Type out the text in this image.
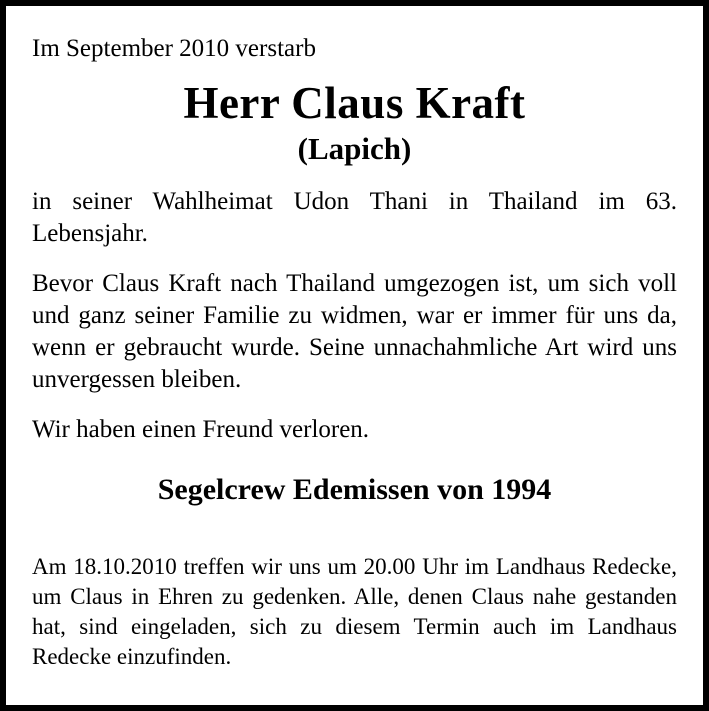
Im September 2010 verstarb

Herr Claus Kraft

(Lapich)

in seiner Wahlheimat Udon Thani in Thailand im 63. Lebensjahr.

Bevor Claus Kraft nach Thailand umgezogen ist, um sich voll und ganz seiner Familie zu widmen, war er immer für uns da, wenn er gebraucht wurde. Seine unnachahmliche Art wird uns unvergessen bleiben.

Wir haben einen Freund verloren.

Segelcrew Edemissen von 1994

Am 18.10.2010 treffen wir uns um 20.00 Uhr im Landhaus Redecke, um Claus in Ehren zu gedenken. Alle, denen Claus nahe gestanden hat, sind eingeladen, sich zu diesem Termin auch im Landhaus Redecke einzufinden.
